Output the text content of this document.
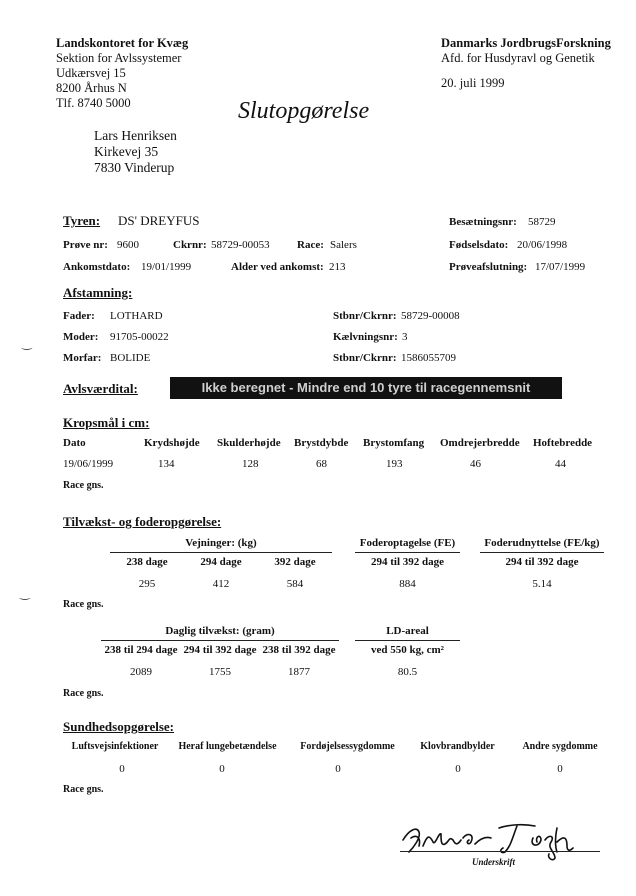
Landskontoret for Kvæg
Sektion for Avlssystemer
Udkærsvej 15
8200 Århus N
Tlf. 8740 5000
Danmarks JordbrugsForskning
Afd. for Husdyravl og Genetik
20. juli 1999
Slutopgørelse
Lars Henriksen
Kirkevej 35
7830 Vinderup
Tyren: DS' DREYFUS	Besætningsnr: 58729
Prøve nr: 9600	Ckrnr: 58729-00053 Race: Salers	Fødselsdato: 20/06/1998
Ankomstdato: 19/01/1999	Alder ved ankomst: 213	Prøveafslutning: 17/07/1999
Afstamning:
Fader: LOTHARD
Moder: 91705-00022
Morfar: BOLIDE
Stbnr/Ckrnr: 58729-00008
Kælvningsnr: 3
Stbnr/Ckrnr: 1586055709
‿
Avlsværdital:	Ikke beregnet - Mindre end 10 tyre til racegennemsnit
Kropsmål i cm:
Dato	Krydshøjde Skulderhøjde Brystdybde Brystomfang Omdrejerbredde Hoftebredde
19/06/1999	134	128	68	193	46	44
Race gns.
Tilvækst- og foderopgørelse:
Vejninger: (kg)
238 dage	294 dage	392 dage
295	412	584
Foderoptagelse (FE)
294 til 392 dage
884
Foderudnyttelse (FE/kg)
294 til 392 dage
5.14
Race gns.
‿
Daglig tilvækst: (gram)
238 til 294 dage 294 til 392 dage 238 til 392 dage
2089	1755	1877
LD-areal
ved 550 kg, cm²
80.5
Race gns.
Sundhedsopgørelse:
Luftsvejsinfektioner	Heraf lungebetændelse	Fordøjelsessygdomme	Klovbrandbylder	Andre sygdomme
0	0	0	0	0
Race gns.
Underskrift
